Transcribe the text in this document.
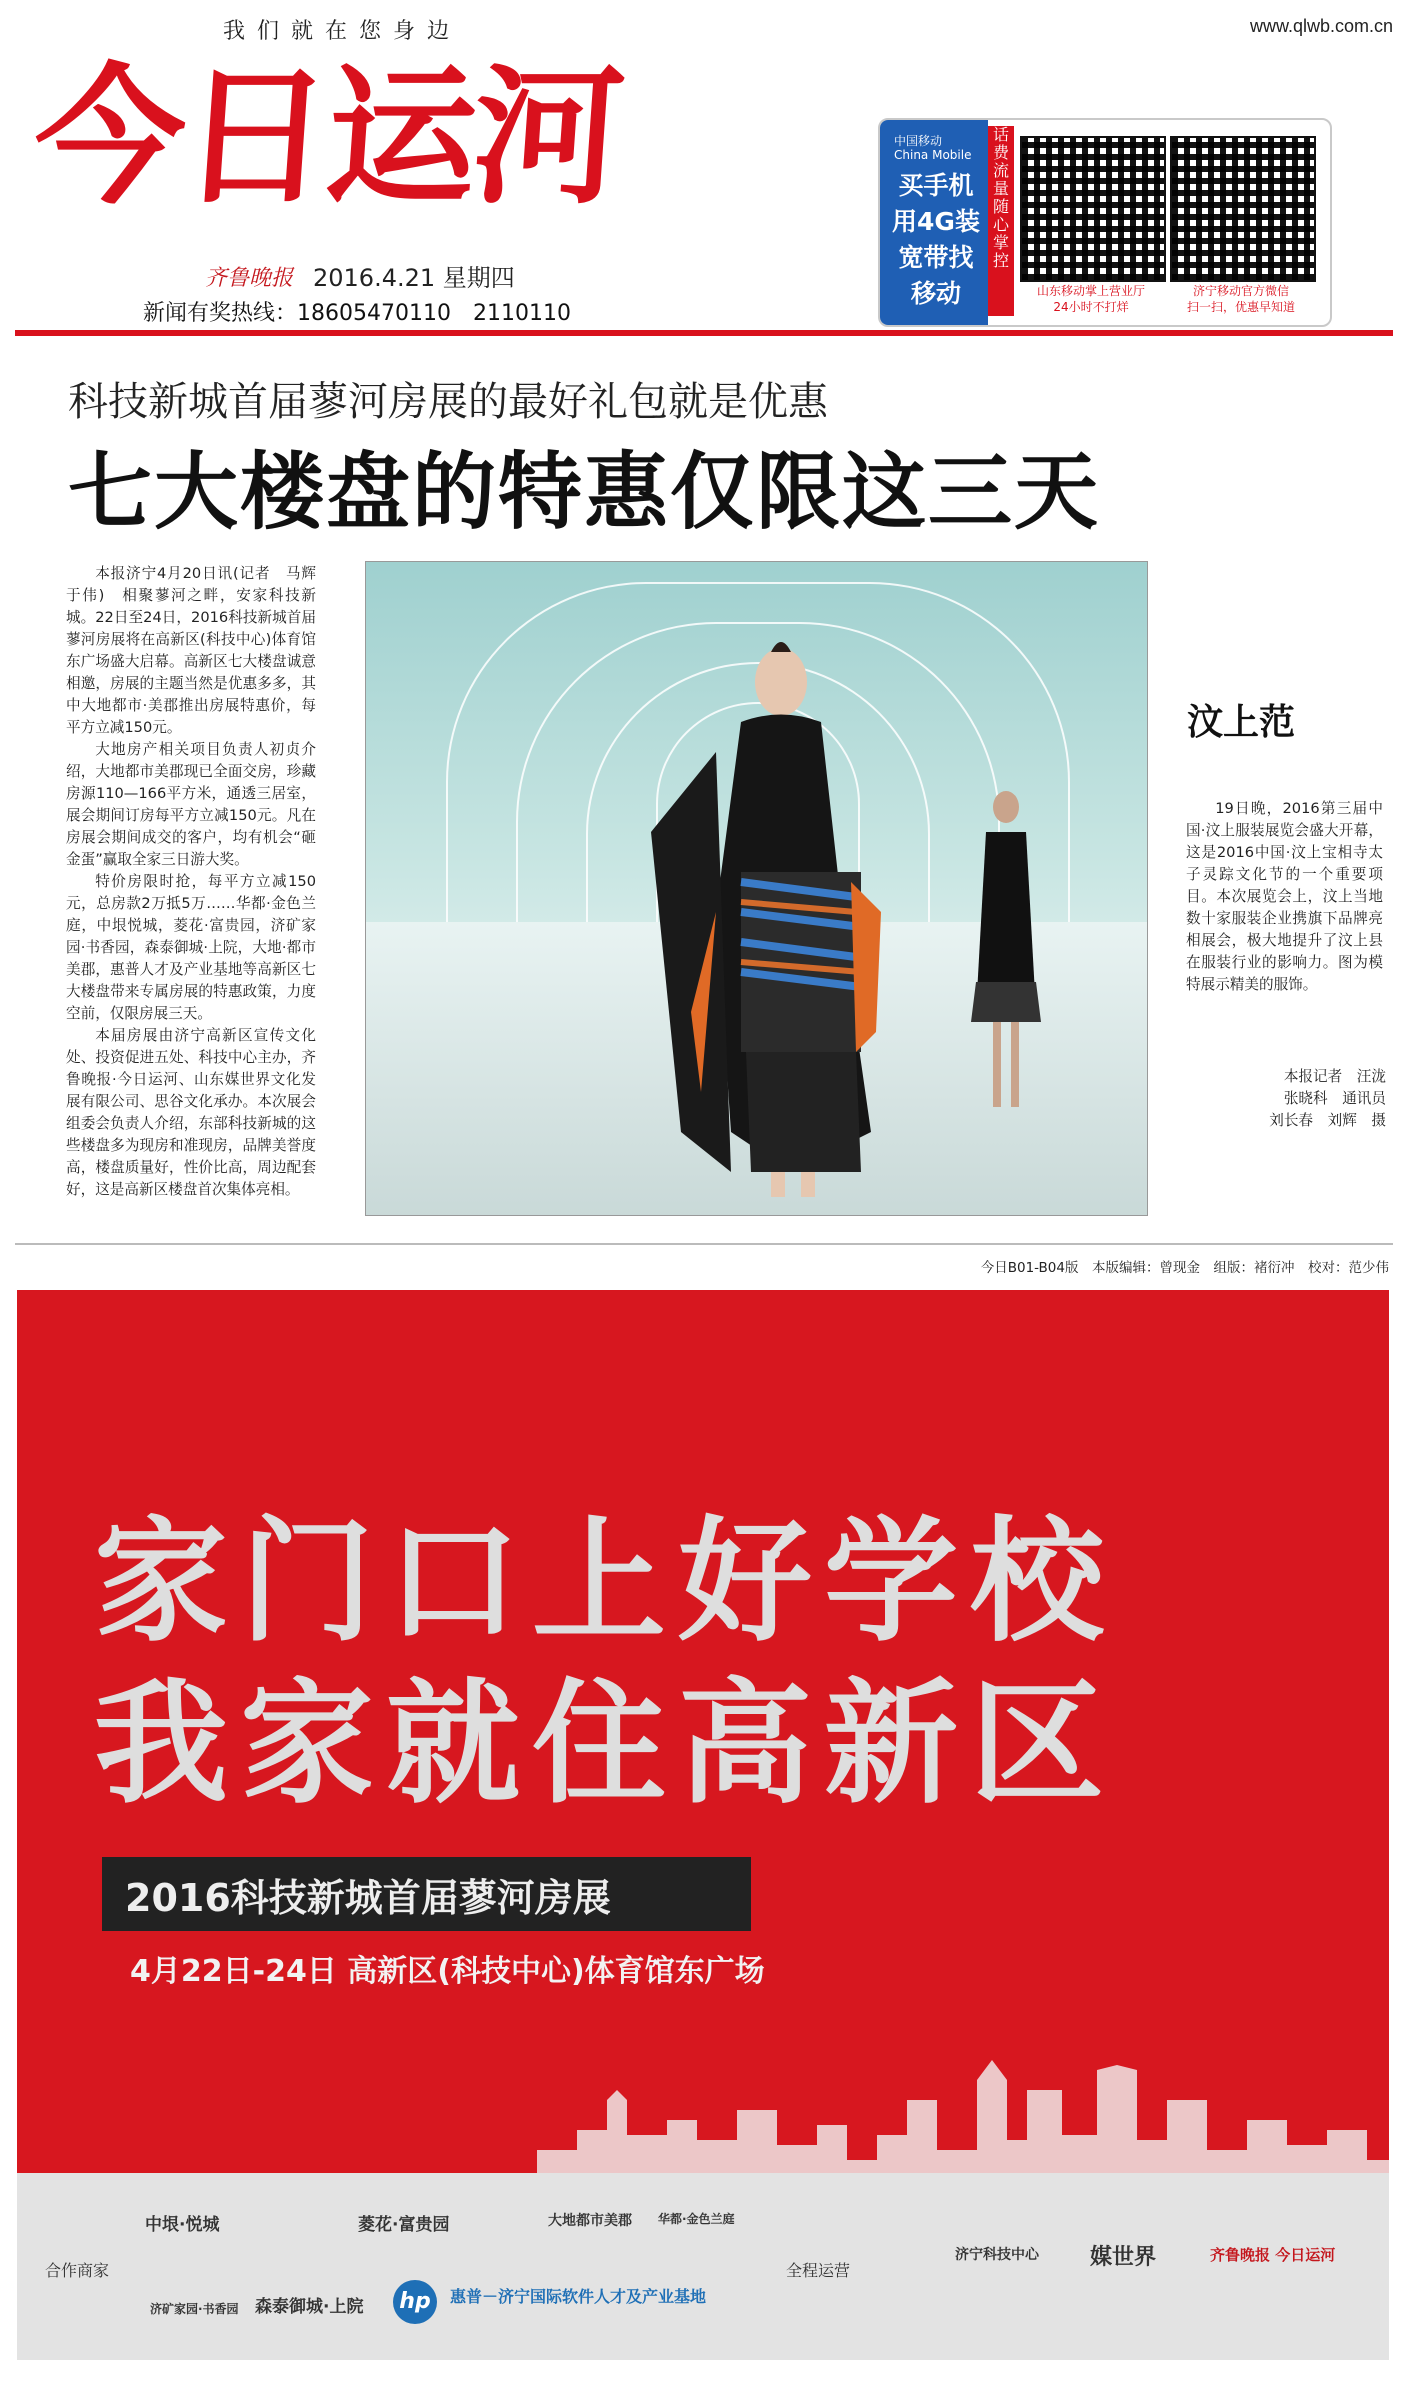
我们就在您身边	www.qlwb.com.cn
今日运河
齐鲁晚报 2016.4.21 星期四
新闻有奖热线：18605470110　2110110
中国移动
China Mobile
买手机用4G装宽带找移动
话费流量随心掌控
山东移动掌上营业厅
24小时不打烊
济宁移动官方微信
扫一扫，优惠早知道
科技新城首届蓼河房展的最好礼包就是优惠
七大楼盘的特惠仅限这三天

本报济宁4月20日讯(记者　马辉　于伟)　相聚蓼河之畔，安家科技新城。22日至24日，2016科技新城首届蓼河房展将在高新区(科技中心)体育馆东广场盛大启幕。高新区七大楼盘诚意相邀，房展的主题当然是优惠多多，其中大地都市·美郡推出房展特惠价，每平方立减150元。

大地房产相关项目负责人初贞介绍，大地都市美郡现已全面交房，珍藏房源110—166平方米，通透三居室，展会期间订房每平方立减150元。凡在房展会期间成交的客户，均有机会“砸金蛋”赢取全家三日游大奖。

特价房限时抢，每平方立减150元，总房款2万抵5万……华都·金色兰庭，中垠悦城，菱花·富贵园，济矿家园·书香园，森泰御城·上院，大地·都市美郡，惠普人才及产业基地等高新区七大楼盘带来专属房展的特惠政策，力度空前，仅限房展三天。

本届房展由济宁高新区宣传文化处、投资促进五处、科技中心主办，齐鲁晚报·今日运河、山东媒世界文化发展有限公司、思谷文化承办。本次展会组委会负责人介绍，东部科技新城的这些楼盘多为现房和准现房，品牌美誉度高，楼盘质量好，性价比高，周边配套好，这是高新区楼盘首次集体亮相。

汶上范

19日晚，2016第三届中国·汶上服装展览会盛大开幕，这是2016中国·汶上宝相寺太子灵踪文化节的一个重要项目。本次展览会上，汶上当地数十家服装企业携旗下品牌亮相展会，极大地提升了汶上县在服装行业的影响力。图为模特展示精美的服饰。

本报记者　汪泷
张晓科　通讯员
刘长春　刘辉　摄
今日B01-B04版　本版编辑：曾现金　组版：褚衍冲　校对：范少伟
家门口上好学校
我家就住高新区
2016科技新城首届蓼河房展
4月22日-24日 高新区(科技中心)体育馆东广场
合作商家	全程运营
中垠·悦城	菱花·富贵园	大地都市美郡 华都·金色兰庭
济矿家园·书香园 森泰御城·上院 hp	惠普－济宁国际软件人才及产业基地
济宁科技中心 媒世界	齐鲁晚报 今日运河
